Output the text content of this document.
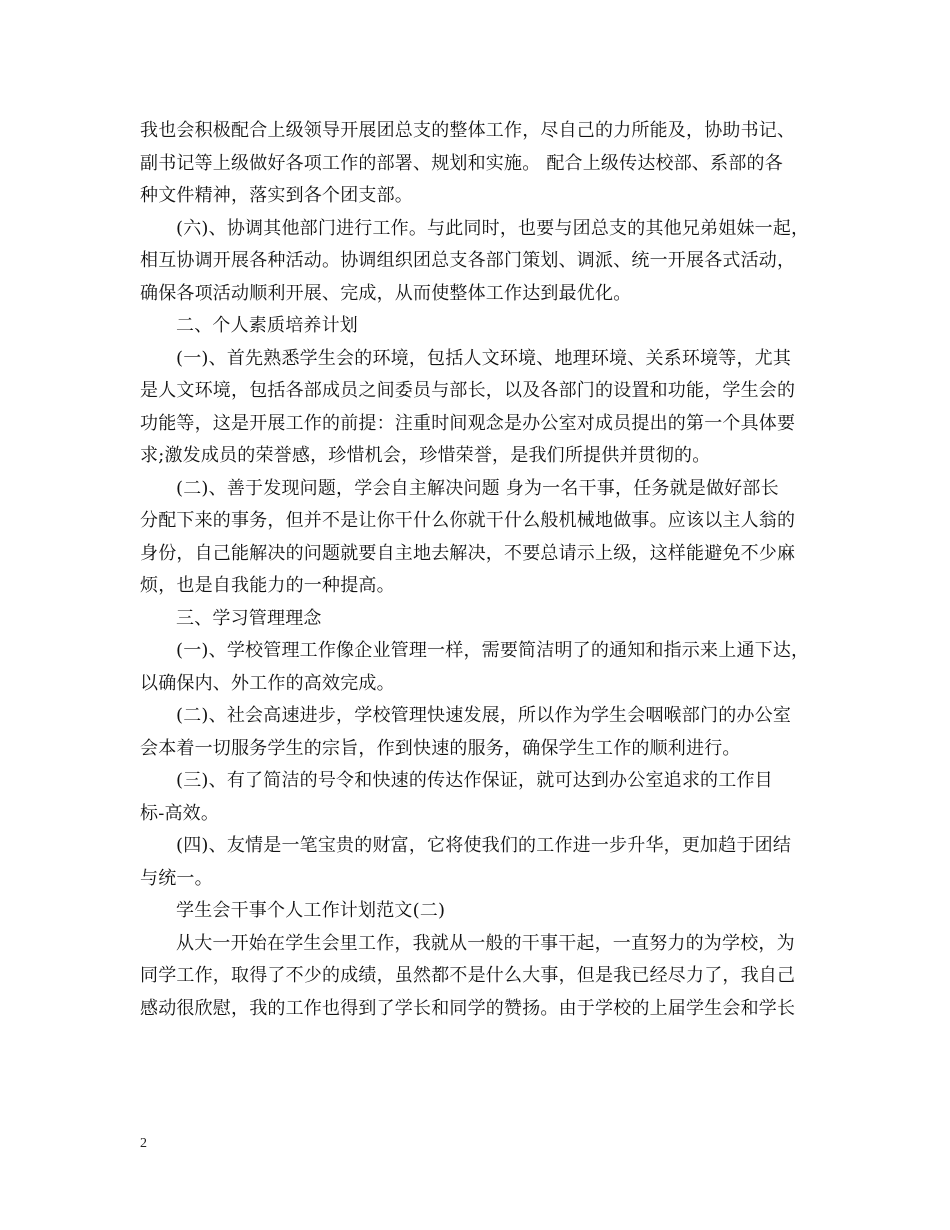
我也会积极配合上级领导开展团总支的整体工作，尽自己的力所能及，协助书记、
副书记等上级做好各项工作的部署、规划和实施。 配合上级传达校部、系部的各
种文件精神，落实到各个团支部。
(六)、协调其他部门进行工作。与此同时，也要与团总支的其他兄弟姐妹一起，
相互协调开展各种活动。协调组织团总支各部门策划、调派、统一开展各式活动，
确保各项活动顺利开展、完成，从而使整体工作达到最优化。
二、个人素质培养计划
(一)、首先熟悉学生会的环境，包括人文环境、地理环境、关系环境等，尤其
是人文环境，包括各部成员之间委员与部长，以及各部门的设置和功能，学生会的
功能等，这是开展工作的前提：注重时间观念是办公室对成员提出的第一个具体要
求;激发成员的荣誉感，珍惜机会，珍惜荣誉，是我们所提供并贯彻的。
(二)、善于发现问题，学会自主解决问题 身为一名干事，任务就是做好部长
分配下来的事务，但并不是让你干什么你就干什么般机械地做事。应该以主人翁的
身份，自己能解决的问题就要自主地去解决，不要总请示上级，这样能避免不少麻
烦，也是自我能力的一种提高。
三、学习管理理念
(一)、学校管理工作像企业管理一样，需要简洁明了的通知和指示来上通下达，
以确保内、外工作的高效完成。
(二)、社会高速进步，学校管理快速发展，所以作为学生会咽喉部门的办公室
会本着一切服务学生的宗旨，作到快速的服务，确保学生工作的顺利进行。
(三)、有了简洁的号令和快速的传达作保证，就可达到办公室追求的工作目
标-高效。
(四)、友情是一笔宝贵的财富，它将使我们的工作进一步升华，更加趋于团结
与统一。
学生会干事个人工作计划范文(二)
从大一开始在学生会里工作，我就从一般的干事干起，一直努力的为学校，为
同学工作，取得了不少的成绩，虽然都不是什么大事，但是我已经尽力了，我自己
感动很欣慰，我的工作也得到了学长和同学的赞扬。由于学校的上届学生会和学长
2
